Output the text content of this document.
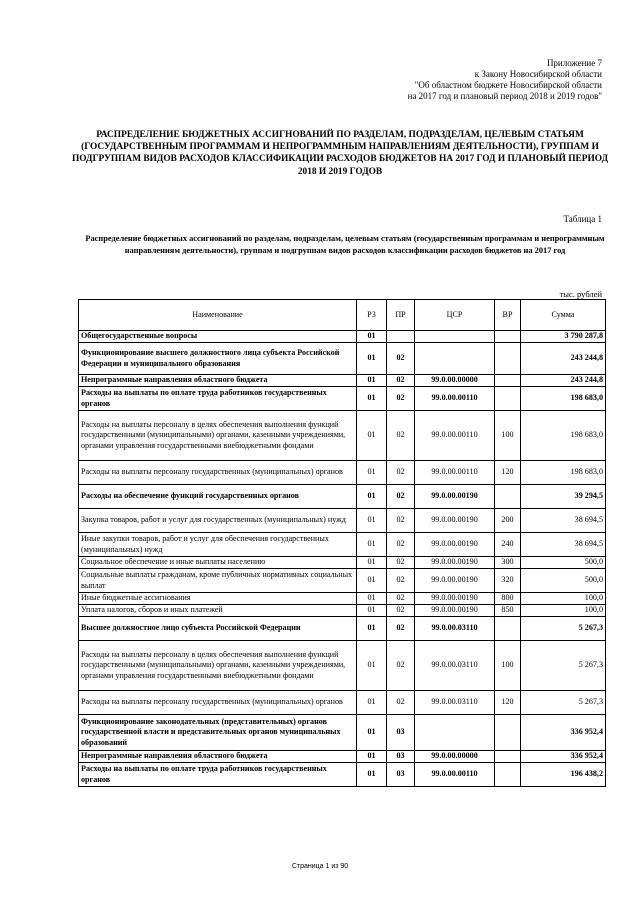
Приложение 7
к Закону Новосибирской области
"Об областном бюджете Новосибирской области
на 2017 год и плановый период 2018 и 2019 годов"
РАСПРЕДЕЛЕНИЕ БЮДЖЕТНЫХ АССИГНОВАНИЙ ПО РАЗДЕЛАМ, ПОДРАЗДЕЛАМ, ЦЕЛЕВЫМ СТАТЬЯМ (ГОСУДАРСТВЕННЫМ ПРОГРАММАМ И НЕПРОГРАММНЫМ НАПРАВЛЕНИЯМ ДЕЯТЕЛЬНОСТИ), ГРУППАМ И ПОДГРУППАМ ВИДОВ РАСХОДОВ КЛАССИФИКАЦИИ РАСХОДОВ БЮДЖЕТОВ НА 2017 ГОД И ПЛАНОВЫЙ ПЕРИОД 2018 И 2019 ГОДОВ
Таблица 1
Распределение бюджетных ассигнований по разделам, подразделам, целевым статьям (государственным программам и непрограммным направлениям деятельности), группам и подгруппам видов расходов классификации расходов бюджетов на 2017 год
тыс. рублей
Наименование	РЗ	ПР	ЦСР	ВР	Сумма
Общегосударственные вопросы	01				3 790 287,8
Функционирование высшего должностного лица субъекта Российской Федерации и муниципального образования	01	02			243 244,8
Непрограммные направления областного бюджета	01	02	99.0.00.00000		243 244,8
Расходы на выплаты по оплате труда работников государственных органов	01	02	99.0.00.00110		198 683,0
Расходы на выплаты персоналу в целях обеспечения выполнения функций государственными (муниципальными) органами, казенными учреждениями, органами управления государственными внебюджетными фондами	01	02	99.0.00.00110	100	198 683,0
Расходы на выплаты персоналу государственных (муниципальных) органов	01	02	99.0.00.00110	120	198 683,0
Расходы на обеспечение функций государственных органов	01	02	99.0.00.00190		39 294,5
Закупка товаров, работ и услуг для государственных (муниципальных) нужд	01	02	99.0.00.00190	200	38 694,5
Иные закупки товаров, работ и услуг для обеспечения государственных (муниципальных) нужд	01	02	99.0.00.00190	240	38 694,5
Социальное обеспечение и иные выплаты населению	01	02	99.0.00.00190	300	500,0
Социальные выплаты гражданам, кроме публичных нормативных социальных выплат	01	02	99.0.00.00190	320	500,0
Иные бюджетные ассигнования	01	02	99.0.00.00190	800	100,0
Уплата налогов, сборов и иных платежей	01	02	99.0.00.00190	850	100,0
Высшее должностное лицо субъекта Российской Федерации	01	02	99.0.00.03110		5 267,3
Расходы на выплаты персоналу в целях обеспечения выполнения функций государственными (муниципальными) органами, казенными учреждениями, органами управления государственными внебюджетными фондами	01	02	99.0.00.03110	100	5 267,3
Расходы на выплаты персоналу государственных (муниципальных) органов	01	02	99.0.00.03110	120	5 267,3
Функционирование законодательных (представительных) органов государственной власти и представительных органов муниципальных образований	01	03			336 952,4
Непрограммные направления областного бюджета	01	03	99.0.00.00000		336 952,4
Расходы на выплаты по оплате труда работников государственных органов	01	03	99.0.00.00110		196 438,2
Страница 1 из 90
